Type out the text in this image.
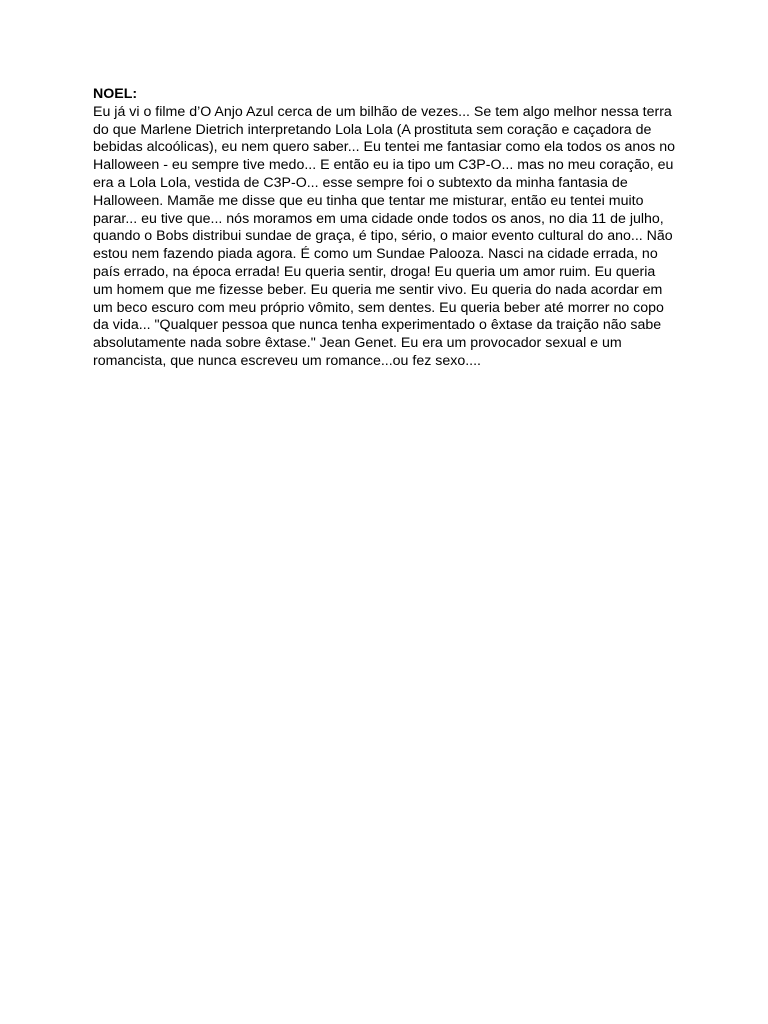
NOEL:

Eu já vi o filme d’O Anjo Azul cerca de um bilhão de vezes... Se tem algo melhor nessa terra
do que Marlene Dietrich interpretando Lola Lola (A prostituta sem coração e caçadora de
bebidas alcoólicas), eu nem quero saber... Eu tentei me fantasiar como ela todos os anos no
Halloween - eu sempre tive medo... E então eu ia tipo um C3P-O... mas no meu coração, eu
era a Lola Lola, vestida de C3P-O... esse sempre foi o subtexto da minha fantasia de
Halloween. Mamãe me disse que eu tinha que tentar me misturar, então eu tentei muito
parar... eu tive que... nós moramos em uma cidade onde todos os anos, no dia 11 de julho,
quando o Bobs distribui sundae de graça, é tipo, sério, o maior evento cultural do ano... Não
estou nem fazendo piada agora. É como um Sundae Palooza. Nasci na cidade errada, no
país errado, na época errada! Eu queria sentir, droga! Eu queria um amor ruim. Eu queria
um homem que me fizesse beber. Eu queria me sentir vivo. Eu queria do nada acordar em
um beco escuro com meu próprio vômito, sem dentes. Eu queria beber até morrer no copo
da vida... "Qualquer pessoa que nunca tenha experimentado o êxtase da traição não sabe
absolutamente nada sobre êxtase." Jean Genet. Eu era um provocador sexual e um
romancista, que nunca escreveu um romance...ou fez sexo....
